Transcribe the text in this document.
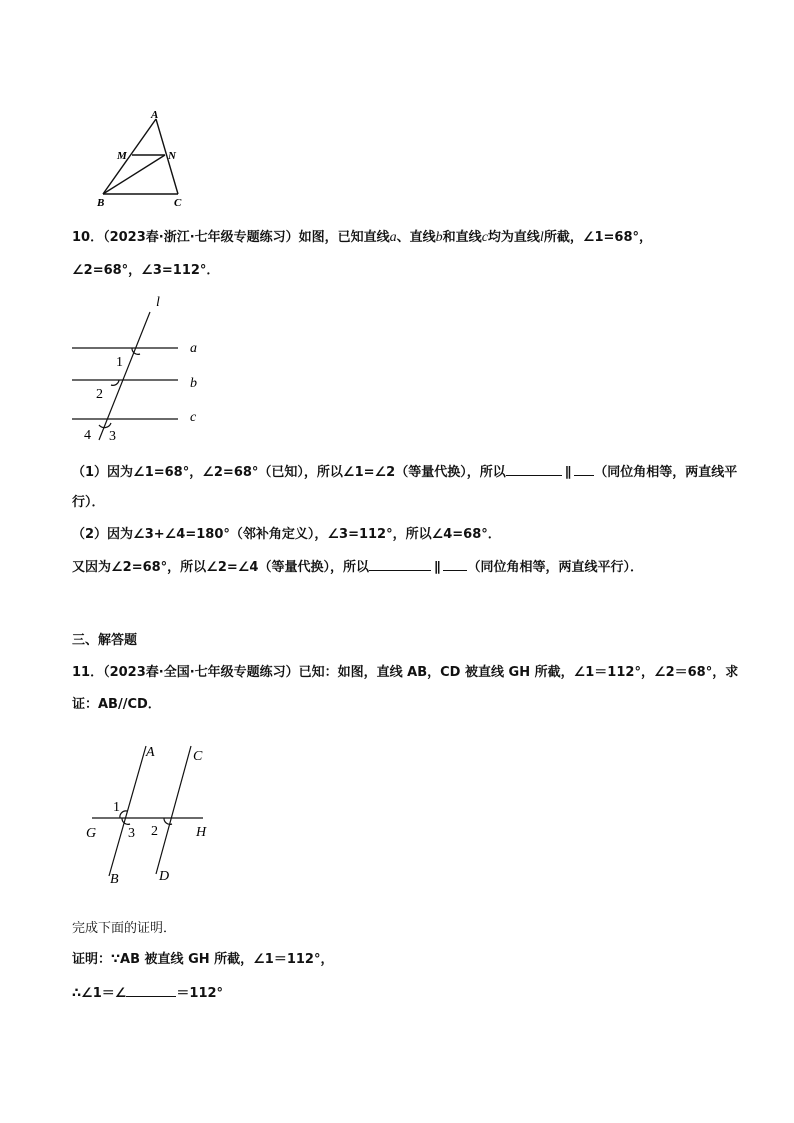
A
M	N
B	C
10．（2023春·浙江·七年级专题练习）如图，已知直线a、直线b和直线c均为直线l所截，∠1=68°，
∠2=68°，∠3=112°．
l
a
b
c
1
2
4 3
（1）因为∠1=68°，∠2=68°（已知），所以∠1=∠2（等量代换），所以	∥ （同位角相等，两直线平
行）．
（2）因为∠3+∠4=180°（邻补角定义），∠3=112°，所以∠4=68°．
又因为∠2=68°，所以∠2=∠4（等量代换），所以	∥ （同位角相等，两直线平行）．
三、解答题
11．（2023春·全国·七年级专题练习）已知：如图，直线 AB，CD 被直线 GH 所截，∠1＝112°，∠2＝68°，求
证：AB//CD．
A	C
1
G 3 2	H
B	D
完成下面的证明．
证明：∵AB 被直线 GH 所截，∠1＝112°，
∴∠1＝∠	＝112°
